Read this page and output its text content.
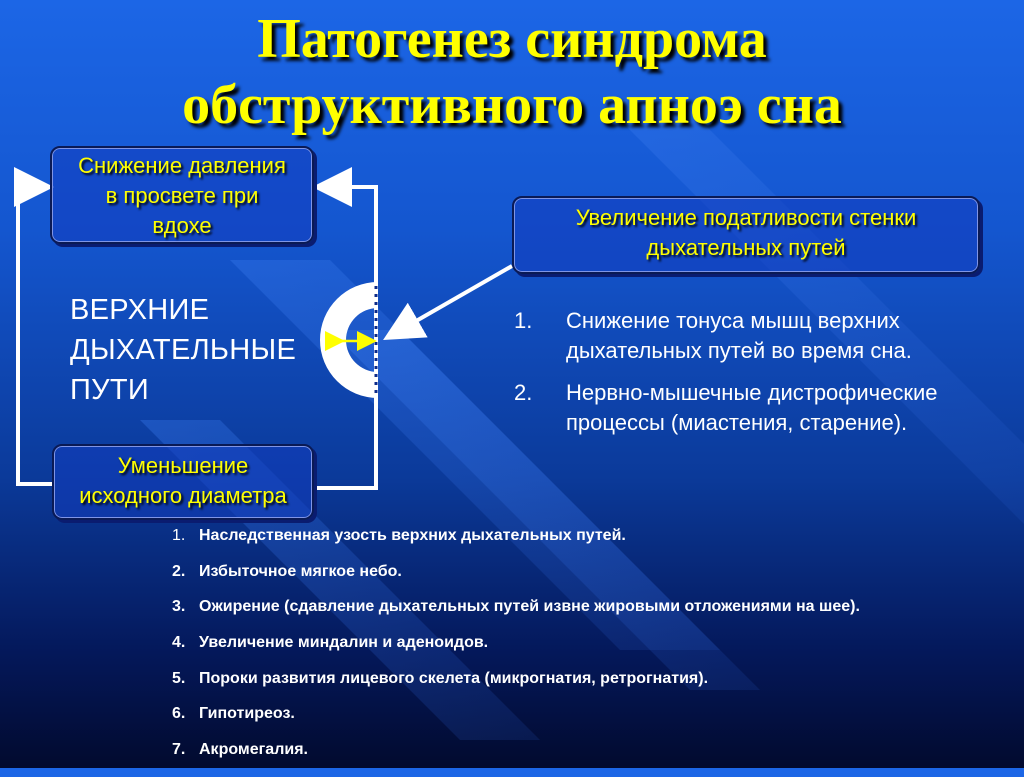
Патогенез синдрома
обструктивного апноэ сна
Снижение давления
в просвете при
вдохе
Уменьшение
исходного диаметра
Увеличение податливости стенки
дыхательных путей
ВЕРХНИЕ
ДЫХАТЕЛЬНЫЕ
ПУТИ
1. Снижение тонуса мышц верхних дыхательных путей во время сна.
2. Нервно-мышечные дистрофические процессы (миастения, старение).
1. Наследственная узость верхних дыхательных путей.
2. Избыточное мягкое небо.
3. Ожирение (сдавление дыхательных путей извне жировыми отложениями на шее).
4. Увеличение миндалин и аденоидов.
5. Пороки развития лицевого скелета (микрогнатия, ретрогнатия).
6. Гипотиреоз.
7. Акромегалия.
